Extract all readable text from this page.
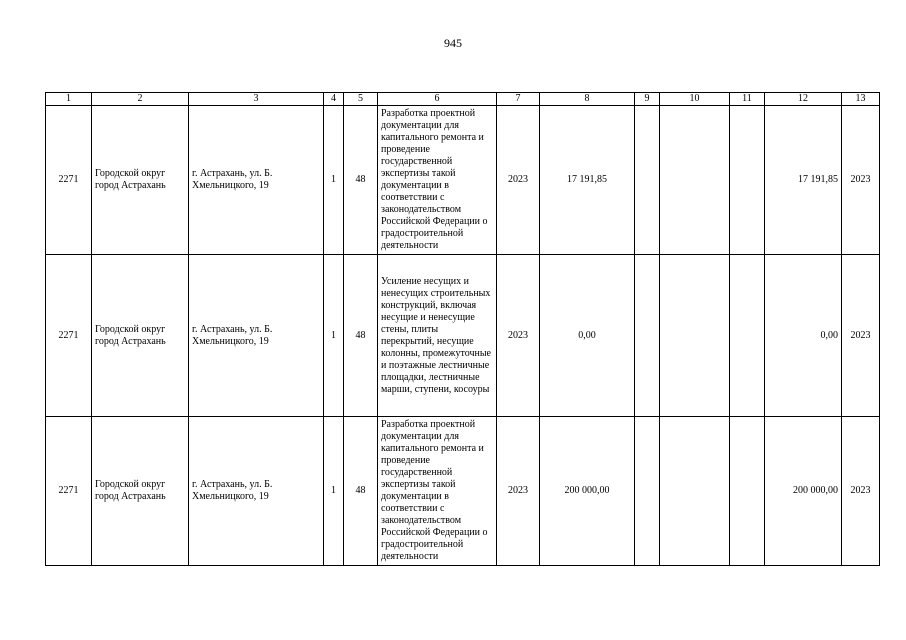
945
1	2	3	4	5	6	7	8	9	10	11	12	13
2271	Городской округ город Астрахань	г. Астрахань, ул. Б. Хмельницкого, 19	1	48	Разработка проектной документации для капитального ремонта и проведение государственной экспертизы такой документации в соответствии с законодательством Российской Федерации о градостроительной деятельности	2023	17 191,85				17 191,85	2023
2271	Городской округ город Астрахань	г. Астрахань, ул. Б. Хмельницкого, 19	1	48	Усиление несущих и ненесущих строительных конструкций, включая несущие и ненесущие стены, плиты перекрытий, несущие колонны, промежуточные и поэтажные лестничные площадки, лестничные марши, ступени, косоуры	2023	0,00				0,00	2023
2271	Городской округ город Астрахань	г. Астрахань, ул. Б. Хмельницкого, 19	1	48	Разработка проектной документации для капитального ремонта и проведение государственной экспертизы такой документации в соответствии с законодательством Российской Федерации о градостроительной деятельности	2023	200 000,00				200 000,00	2023
